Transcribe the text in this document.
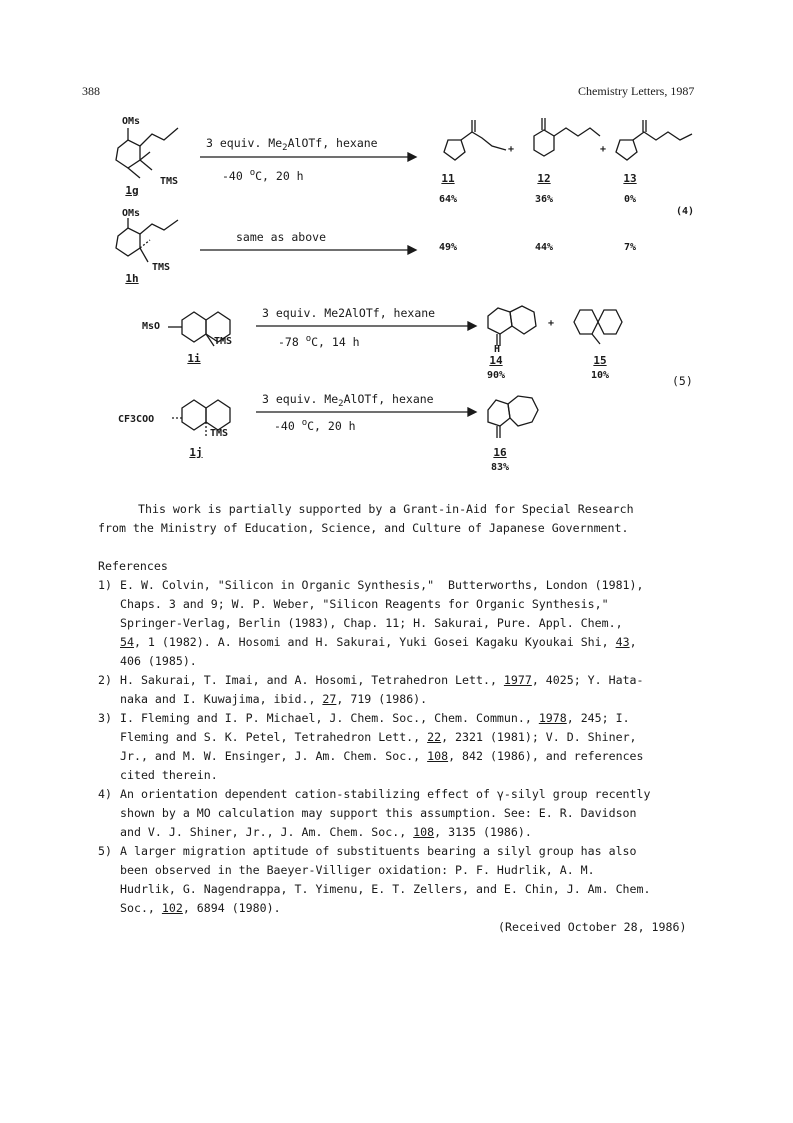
388	Chemistry Letters, 1987
OMs
TMS
1g
3 equiv. $Me_2AlOTf$, hexane
-40 $^o$C, 20 h
+	+
11	12	13
64%	36%	0%
(4)
OMs
TMS
1h
same as above
49%	44%	7%
MsO
TMS
1i
3 equiv. Me2AlOTf, hexane
-78 $^o$C, 14 h
H
+
14	15
90%	10%	(5)
CF3COO
TMS
1j
3 equiv. $Me_2AlOTf$, hexane
-40 $^o$C, 20 h
16
83%
This work is partially supported by a Grant-in-Aid for Special Research
from the Ministry of Education, Science, and Culture of Japanese Government.
References
1) E. W. Colvin, "Silicon in Organic Synthesis,"  Butterworths, London (1981),
Chaps. 3 and 9; W. P. Weber, "Silicon Reagents for Organic Synthesis,"
Springer-Verlag, Berlin (1983), Chap. 11; H. Sakurai, Pure. Appl. Chem.,
54, 1 (1982). A. Hosomi and H. Sakurai, Yuki Gosei Kagaku Kyoukai Shi, 43,
406 (1985).
2) H. Sakurai, T. Imai, and A. Hosomi, Tetrahedron Lett., 1977, 4025; Y. Hata-
naka and I. Kuwajima, ibid., 27, 719 (1986).
3) I. Fleming and I. P. Michael, J. Chem. Soc., Chem. Commun., 1978, 245; I.
Fleming and S. K. Petel, Tetrahedron Lett., 22, 2321 (1981); V. D. Shiner,
Jr., and M. W. Ensinger, J. Am. Chem. Soc., 108, 842 (1986), and references
cited therein.
4) An orientation dependent cation-stabilizing effect of γ-silyl group recently
shown by a MO calculation may support this assumption. See: E. R. Davidson
and V. J. Shiner, Jr., J. Am. Chem. Soc., 108, 3135 (1986).
5) A larger migration aptitude of substituents bearing a silyl group has also
been observed in the Baeyer-Villiger oxidation: P. F. Hudrlik, A. M.
Hudrlik, G. Nagendrappa, T. Yimenu, E. T. Zellers, and E. Chin, J. Am. Chem.
Soc., 102, 6894 (1980).
(Received October 28, 1986)
